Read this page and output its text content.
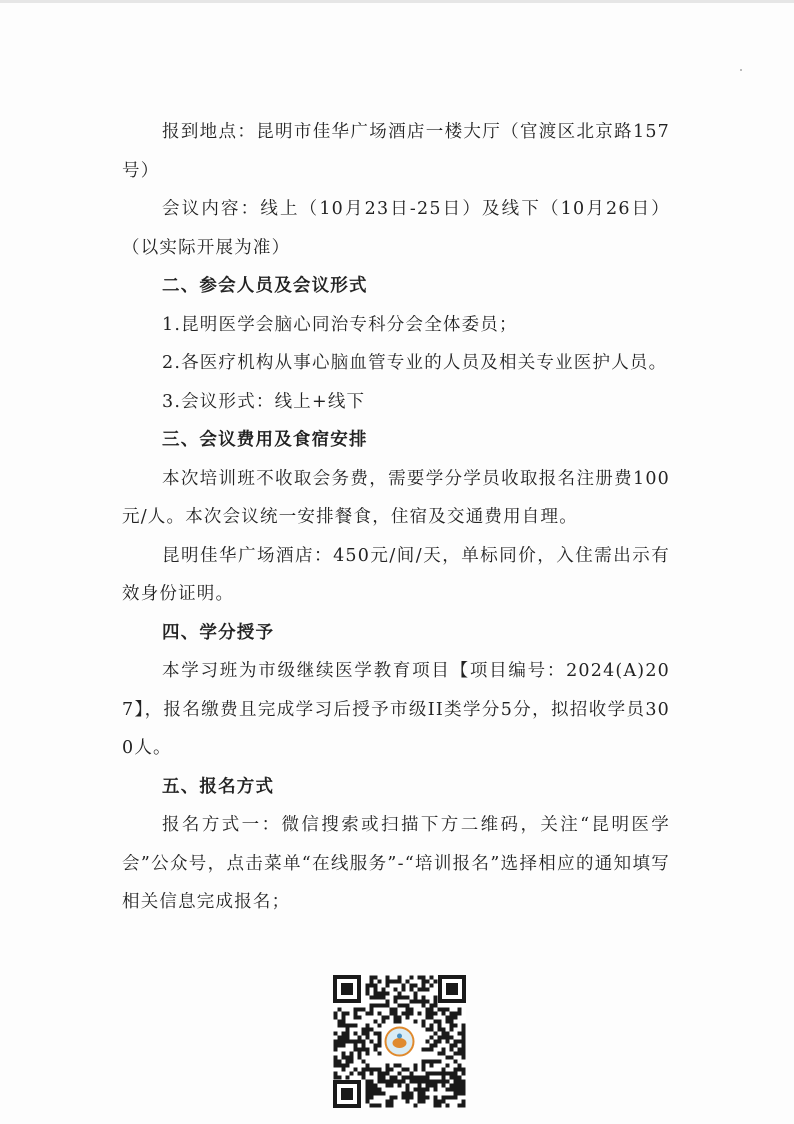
报到地点：昆明市佳华广场酒店一楼大厅（官渡区北京路157号）

会议内容：线上（10月23日-25日）及线下（10月26日）（以实际开展为准）

二、参会人员及会议形式

1.昆明医学会脑心同治专科分会全体委员；

2.各医疗机构从事心脑血管专业的人员及相关专业医护人员。

3.会议形式：线上+线下

三、会议费用及食宿安排

本次培训班不收取会务费，需要学分学员收取报名注册费100元/人。本次会议统一安排餐食，住宿及交通费用自理。

昆明佳华广场酒店：450元/间/天，单标同价，入住需出示有效身份证明。

四、学分授予

本学习班为市级继续医学教育项目【项目编号：2024(A)207】，报名缴费且完成学习后授予市级II类学分5分，拟招收学员300人。

五、报名方式

报名方式一：微信搜索或扫描下方二维码，关注“昆明医学会”公众号，点击菜单“在线服务”-“培训报名”选择相应的通知填写相关信息完成报名；
